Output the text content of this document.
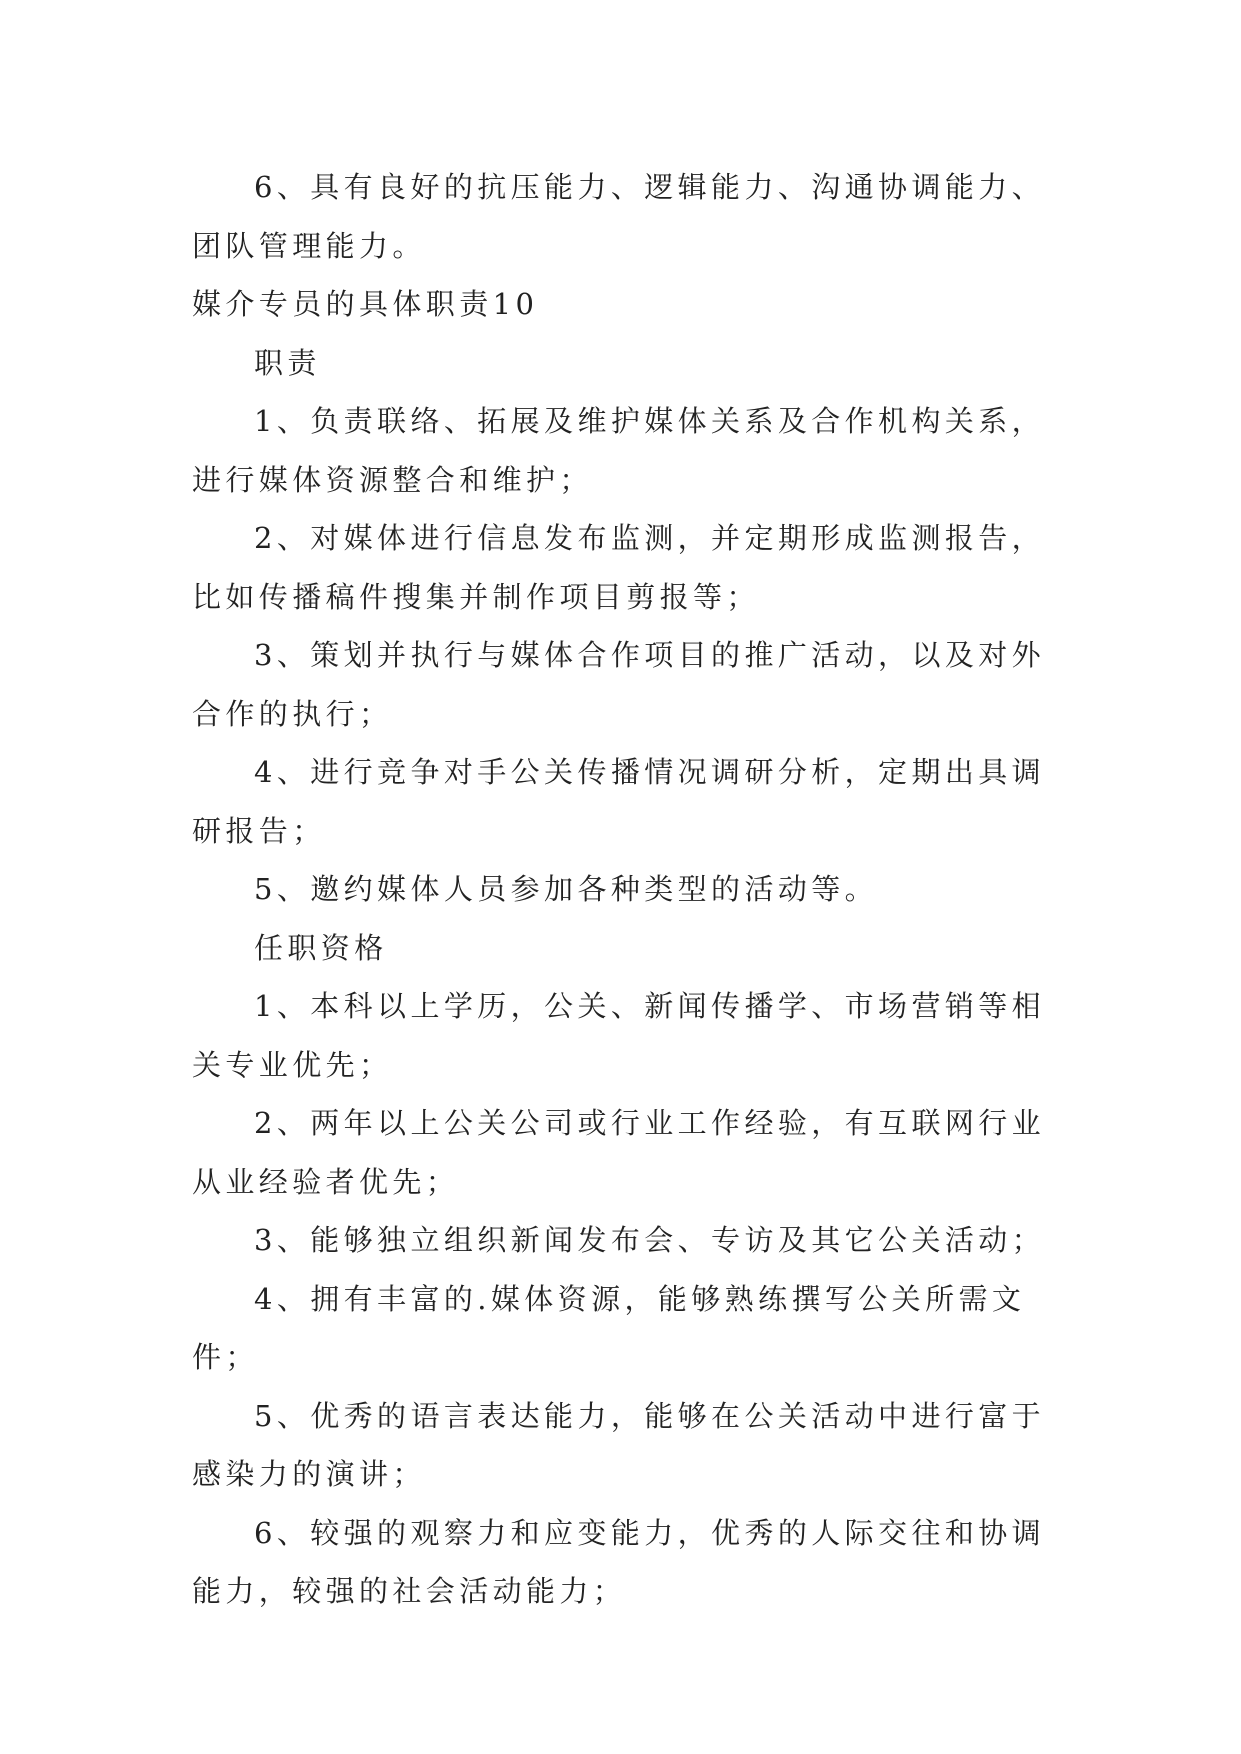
6、具有良好的抗压能力、逻辑能力、沟通协调能力、团队管理能力。

媒介专员的具体职责10

职责

1、负责联络、拓展及维护媒体关系及合作机构关系，进行媒体资源整合和维护；

2、对媒体进行信息发布监测，并定期形成监测报告，比如传播稿件搜集并制作项目剪报等；

3、策划并执行与媒体合作项目的推广活动，以及对外合作的执行；

4、进行竞争对手公关传播情况调研分析，定期出具调研报告；

5、邀约媒体人员参加各种类型的活动等。

任职资格

1、本科以上学历，公关、新闻传播学、市场营销等相关专业优先；

2、两年以上公关公司或行业工作经验，有互联网行业从业经验者优先；

3、能够独立组织新闻发布会、专访及其它公关活动；

4、拥有丰富的.媒体资源，能够熟练撰写公关所需文件；

5、优秀的语言表达能力，能够在公关活动中进行富于感染力的演讲；

6、较强的观察力和应变能力，优秀的人际交往和协调能力，较强的社会活动能力；
